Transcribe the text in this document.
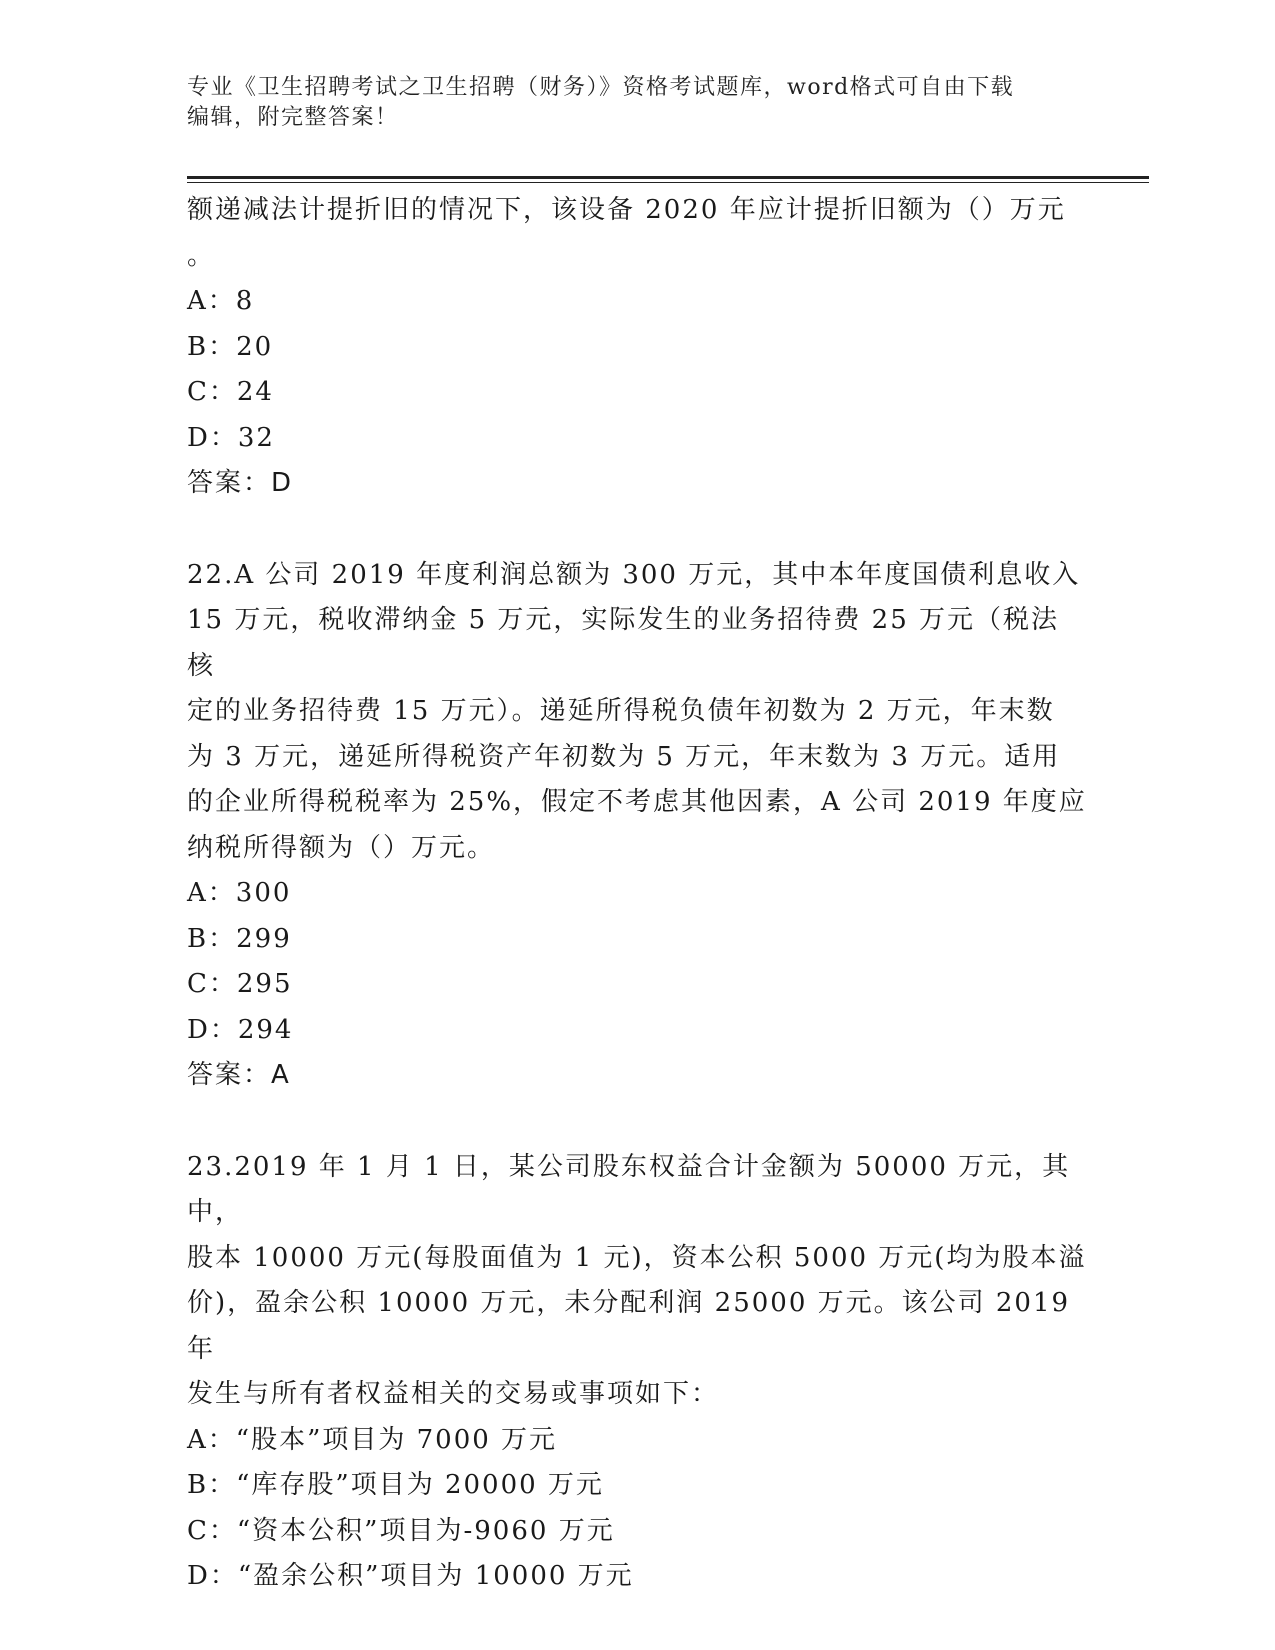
专业《卫生招聘考试之卫生招聘（财务）》资格考试题库，word格式可自由下载
编辑，附完整答案！

额递减法计提折旧的情况下，该设备 2020 年应计提折旧额为（）万元

。

A：8

B：20

C：24

D：32

答案：D

22.A 公司 2019 年度利润总额为 300 万元，其中本年度国债利息收入

15 万元，税收滞纳金 5 万元，实际发生的业务招待费 25 万元（税法核

定的业务招待费 15 万元）。递延所得税负债年初数为 2 万元，年末数

为 3 万元，递延所得税资产年初数为 5 万元，年末数为 3 万元。适用

的企业所得税税率为 25%，假定不考虑其他因素，A 公司 2019 年度应

纳税所得额为（）万元。

A：300

B：299

C：295

D：294

答案：A

23.2019 年 1 月 1 日，某公司股东权益合计金额为 50000 万元，其中，

股本 10000 万元(每股面值为 1 元)，资本公积 5000 万元(均为股本溢

价)，盈余公积 10000 万元，未分配利润 25000 万元。该公司 2019 年

发生与所有者权益相关的交易或事项如下：

A：“股本”项目为 7000 万元

B：“库存股”项目为 20000 万元

C：“资本公积”项目为-9060 万元

D：“盈余公积”项目为 10000 万元
